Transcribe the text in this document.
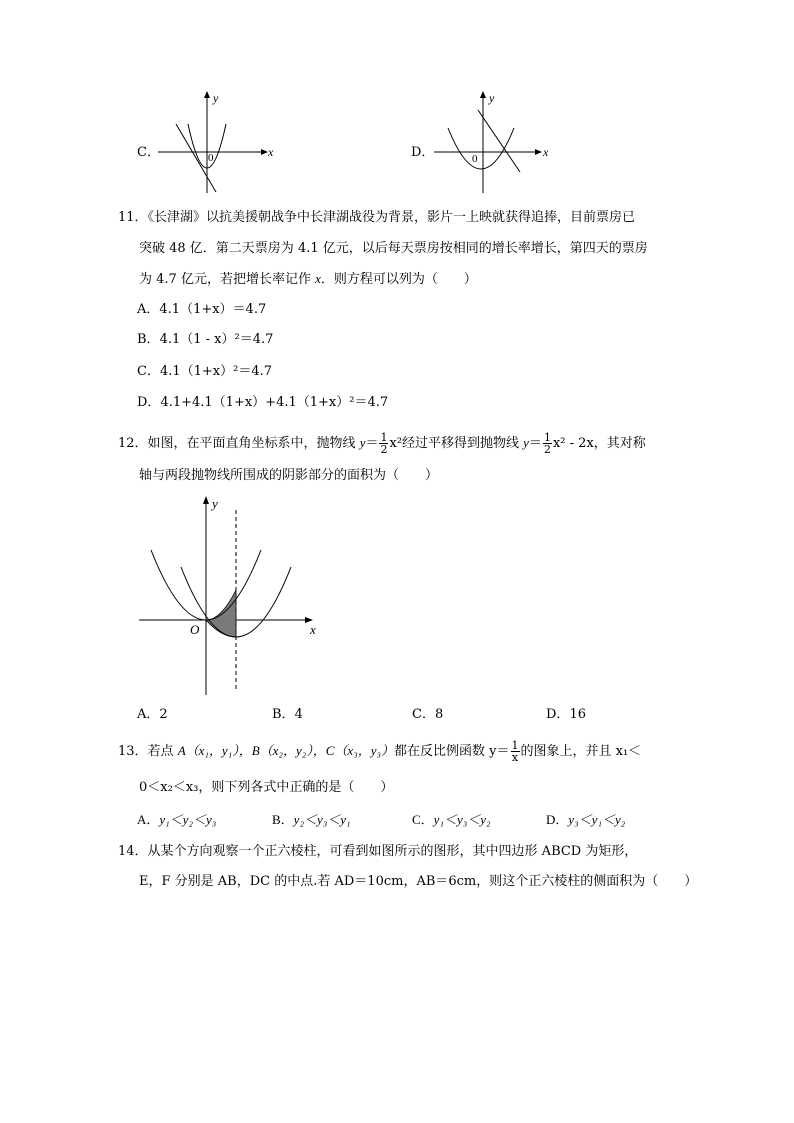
C．
y
x
0	D．
y
x
0
11．《长津湖》以抗美援朝战争中长津湖战役为背景，影片一上映就获得追捧，目前票房已
突破 48 亿．第二天票房为 4.1 亿元，以后每天票房按相同的增长率增长，第四天的票房
为 4.7 亿元，若把增长率记作 x．则方程可以列为（　　）
A．4.1（1+x）＝4.7
B．4.1（1 - x）²＝4.7
C．4.1（1+x）²＝4.7
D．4.1+4.1（1+x）+4.1（1+x）²＝4.7
12．如图，在平面直角坐标系中，抛物线 $y= \frac{1}{2} x^2$经过平移得到抛物线 $y= \frac{1}{2} x^2 - 2x$，其对称
轴与两段抛物线所围成的阴影部分的面积为（　　）
y
x
O
A．2	B．4	C．8	D．16
13．若点 A（x₁，y₁），B（x₂，y₂），C（x₃，y₃）都在反比例函数 $y= \frac{1}{x}$ 的图象上，并且 x₁＜
0＜x₂＜x₃，则下列各式中正确的是（　　）
A．y₁＜y₂＜y₃	B．y₂＜y₃＜y₁	C．y₁＜y₃＜y₂	D．y₃＜y₁＜y₂
14．从某个方向观察一个正六棱柱，可看到如图所示的图形，其中四边形 ABCD 为矩形，
E，F 分别是 AB，DC 的中点.若 AD＝10cm，AB＝6cm，则这个正六棱柱的侧面积为（　　）
